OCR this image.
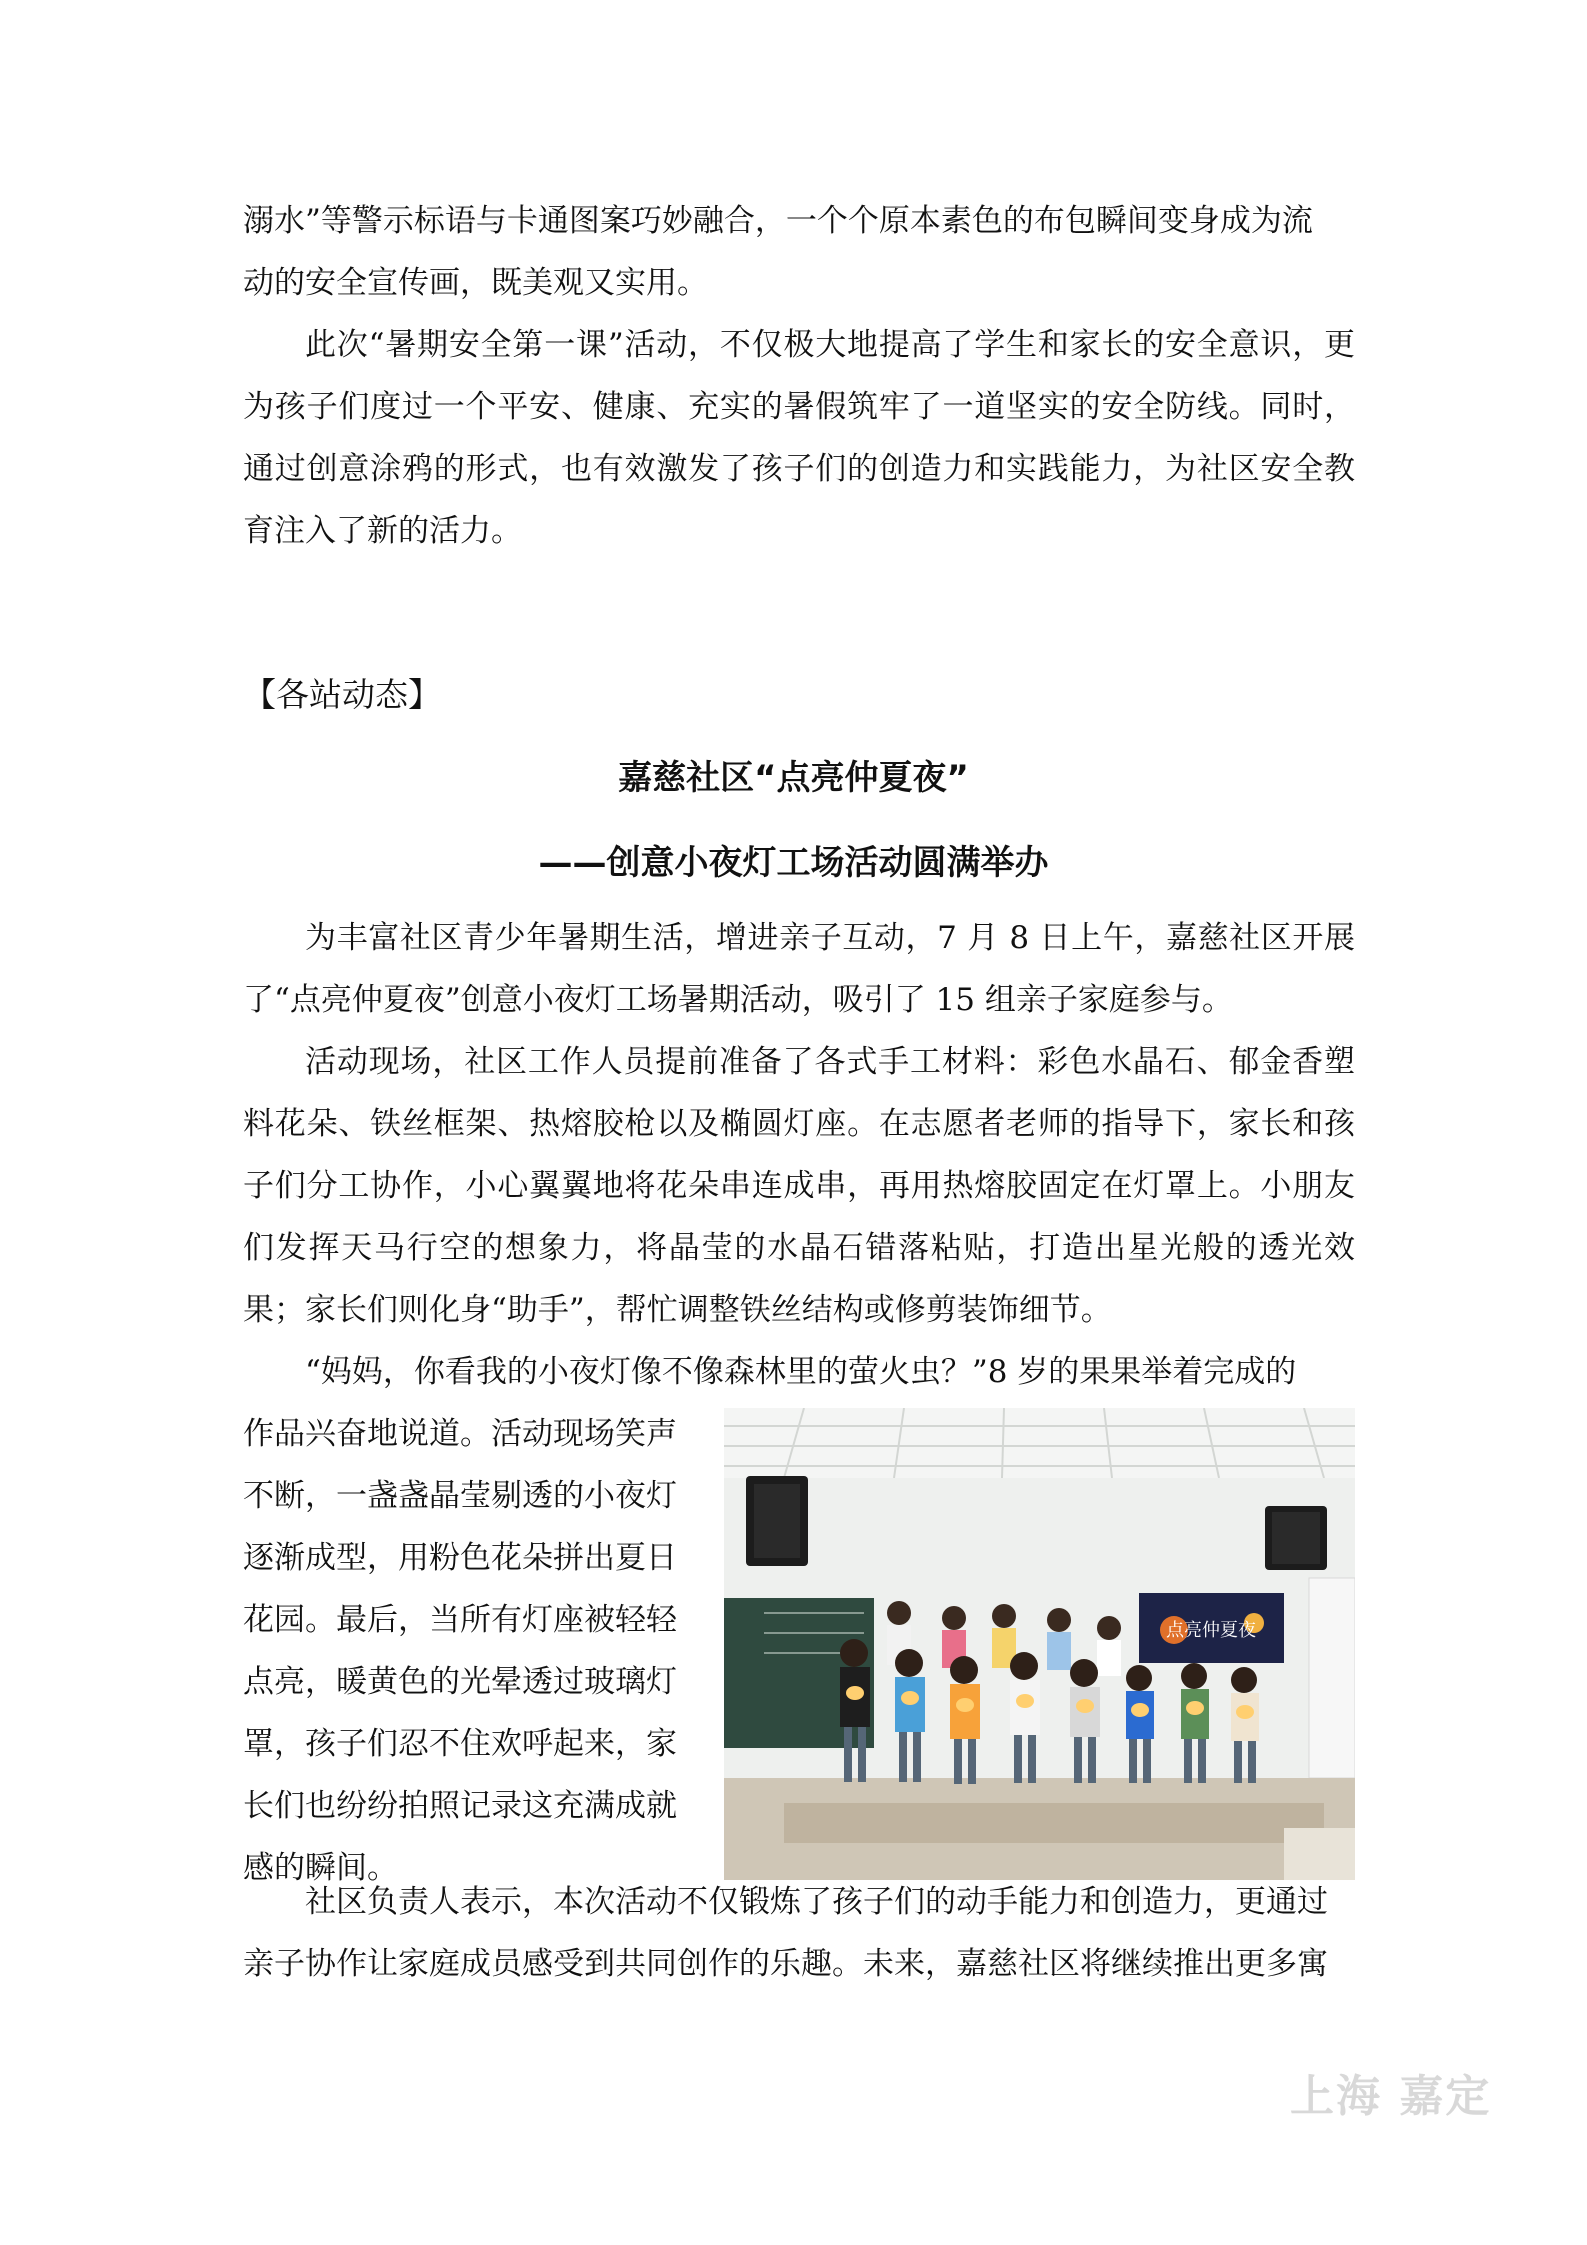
溺水”等警示标语与卡通图案巧妙融合，一个个原本素色的布包瞬间变身成为流

动的安全宣传画，既美观又实用。

此次“暑期安全第一课”活动，不仅极大地提高了学生和家长的安全意识，更为孩子们度过一个平安、健康、充实的暑假筑牢了一道坚实的安全防线。同时，通过创意涂鸦的形式，也有效激发了孩子们的创造力和实践能力，为社区安全教育注入了新的活力。

【各站动态】
嘉慈社区“点亮仲夏夜”
——创意小夜灯工场活动圆满举办

为丰富社区青少年暑期生活，增进亲子互动，7 月 8 日上午，嘉慈社区开展了“点亮仲夏夜”创意小夜灯工场暑期活动，吸引了 15 组亲子家庭参与。

活动现场，社区工作人员提前准备了各式手工材料：彩色水晶石、郁金香塑料花朵、铁丝框架、热熔胶枪以及椭圆灯座。在志愿者老师的指导下，家长和孩子们分工协作，小心翼翼地将花朵串连成串，再用热熔胶固定在灯罩上。小朋友们发挥天马行空的想象力，将晶莹的水晶石错落粘贴，打造出星光般的透光效果；家长们则化身“助手”，帮忙调整铁丝结构或修剪装饰细节。

“妈妈，你看我的小夜灯像不像森林里的萤火虫？”8 岁的果果举着完成的

作品兴奋地说道。活动现场笑声

不断，一盏盏晶莹剔透的小夜灯

逐渐成型，用粉色花朵拼出夏日

花园。最后，当所有灯座被轻轻

点亮，暖黄色的光晕透过玻璃灯

罩，孩子们忍不住欢呼起来，家

长们也纷纷拍照记录这充满成就

感的瞬间。

点亮仲夏夜

社区负责人表示，本次活动不仅锻炼了孩子们的动手能力和创造力，更通过

亲子协作让家庭成员感受到共同创作的乐趣。未来，嘉慈社区将继续推出更多寓

上海 嘉定
